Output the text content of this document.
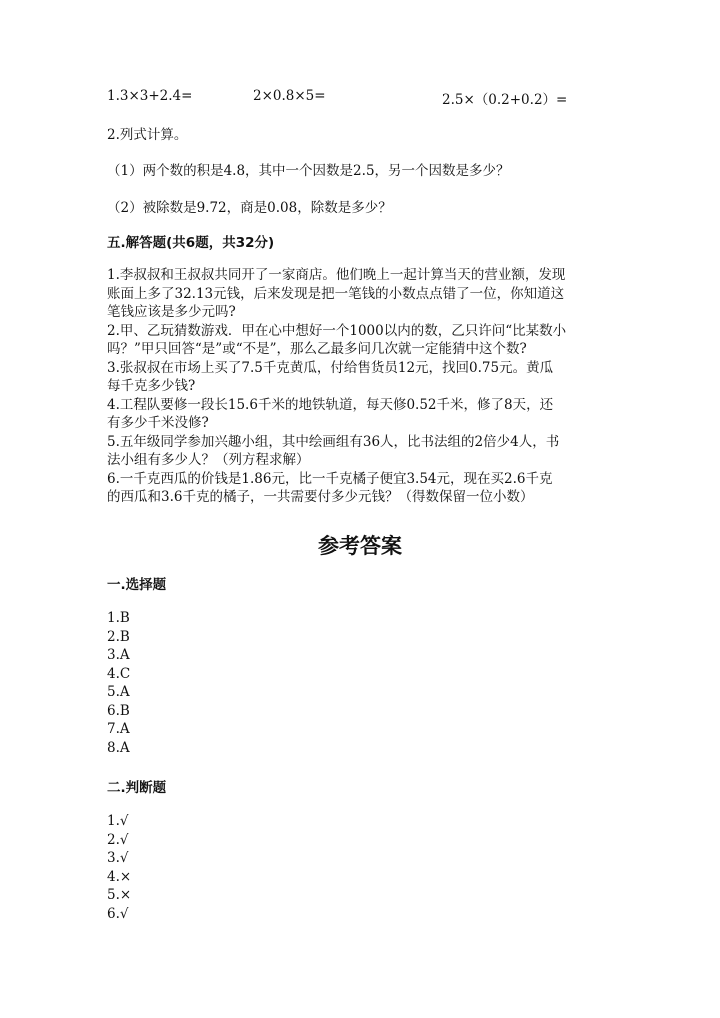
1.3×3+2.4=	2×0.8×5=	2.5×（0.2+0.2）=
2.列式计算。
（1）两个数的积是4.8，其中一个因数是2.5，另一个因数是多少？
（2）被除数是9.72，商是0.08，除数是多少？
五.解答题(共6题，共32分)
1.李叔叔和王叔叔共同开了一家商店。他们晚上一起计算当天的营业额，发现
账面上多了32.13元钱，后来发现是把一笔钱的小数点点错了一位，你知道这
笔钱应该是多少元吗?
2.甲、乙玩猜数游戏．甲在心中想好一个1000以内的数，乙只许问“比某数小
吗？”甲只回答“是”或“不是”，那么乙最多问几次就一定能猜中这个数?
3.张叔叔在市场上买了7.5千克黄瓜，付给售货员12元，找回0.75元。黄瓜
每千克多少钱?
4.工程队要修一段长15.6千米的地铁轨道，每天修0.52千米，修了8天，还
有多少千米没修?
5.五年级同学参加兴趣小组，其中绘画组有36人，比书法组的2倍少4人，书
法小组有多少人？（列方程求解）
6.一千克西瓜的价钱是1.86元，比一千克橘子便宜3.54元，现在买2.6千克
的西瓜和3.6千克的橘子，一共需要付多少元钱？（得数保留一位小数）
参考答案
一.选择题
1.B
2.B
3.A
4.C
5.A
6.B
7.A
8.A
二.判断题
1.√
2.√
3.√
4.×
5.×
6.√
